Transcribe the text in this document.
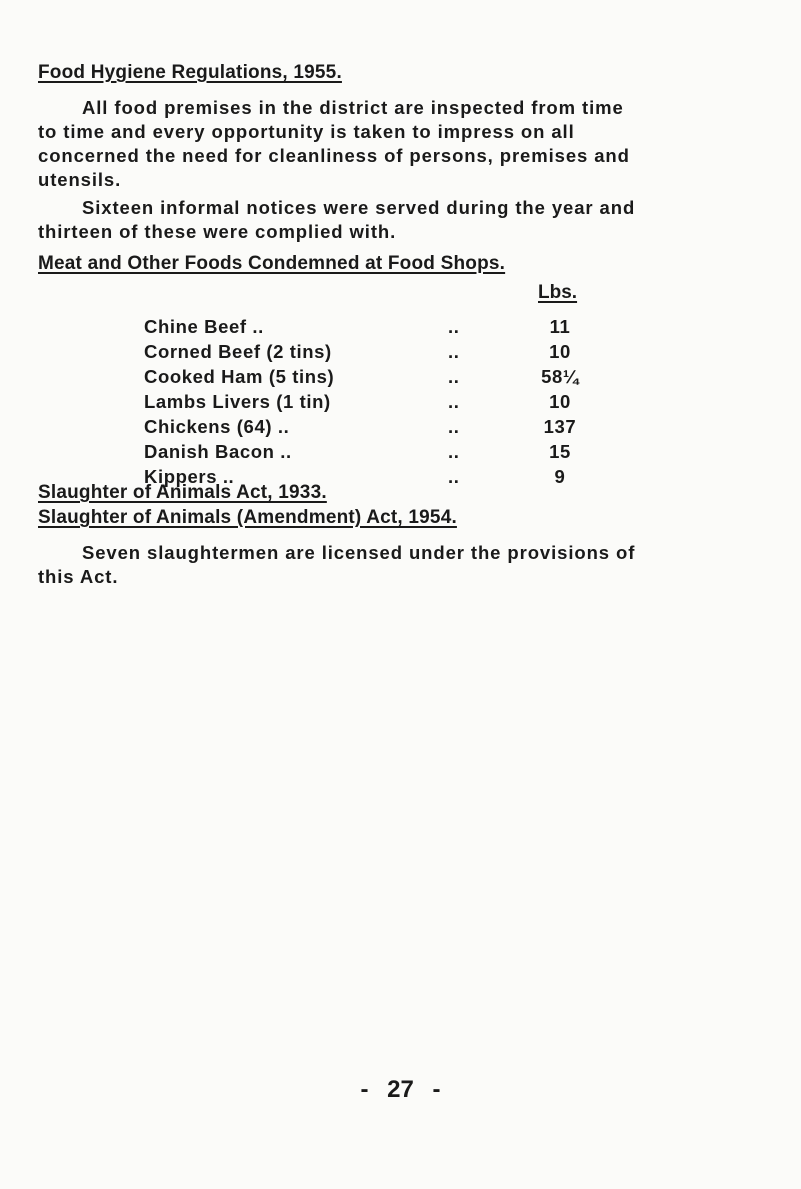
Food Hygiene Regulations, 1955.

All food premises in the district are inspected from time
to time and every opportunity is taken to impress on all
concerned the need for cleanliness of persons, premises and
utensils.

Sixteen informal notices were served during the year and
thirteen of these were complied with.

Meat and Other Foods Condemned at Food Shops.
Lbs.
Chine Beef ..	..	11
Corned Beef (2 tins)	..	10
Cooked Ham (5 tins)	..	58¼
Lambs Livers (1 tin)	..	10
Chickens (64) ..	..	137
Danish Bacon ..	..	15
Kippers ..	..	9
Slaughter of Animals Act, 1933.
Slaughter of Animals (Amendment) Act, 1954.

Seven slaughtermen are licensed under the provisions of
this Act.

- 27 -
